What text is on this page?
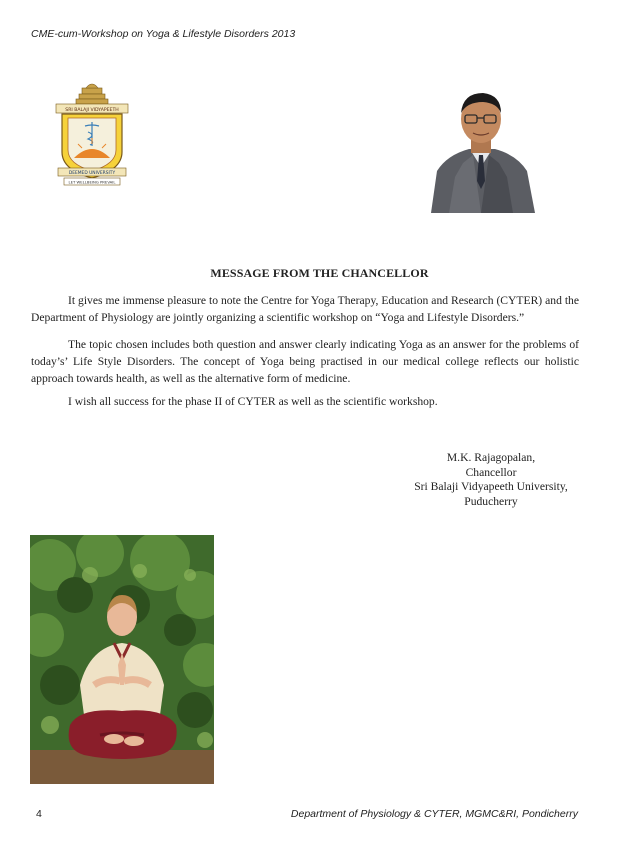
CME-cum-Workshop on Yoga & Lifestyle Disorders 2013
SRI BALAJI VIDYAPEETH
DEEMED UNIVERSITY
LET WELLBEING PREVAIL
MESSAGE FROM THE CHANCELLOR
It gives me immense pleasure to note the Centre for Yoga Therapy, Education and Research (CYTER) and the Department of Physiology are jointly organizing a scientific workshop on “Yoga and Lifestyle Disorders.”
The topic chosen includes both question and answer clearly indicating Yoga as an answer for the problems of today’s’ Life Style Disorders. The concept of Yoga being practised in our medical college reflects our holistic approach towards health, as well as the alternative form of medicine.
I wish all success for the phase II of CYTER as well as the scientific workshop.
M.K. Rajagopalan,
Chancellor
Sri Balaji Vidyapeeth University,
Puducherry
4	Department of Physiology & CYTER, MGMC&RI, Pondicherry
